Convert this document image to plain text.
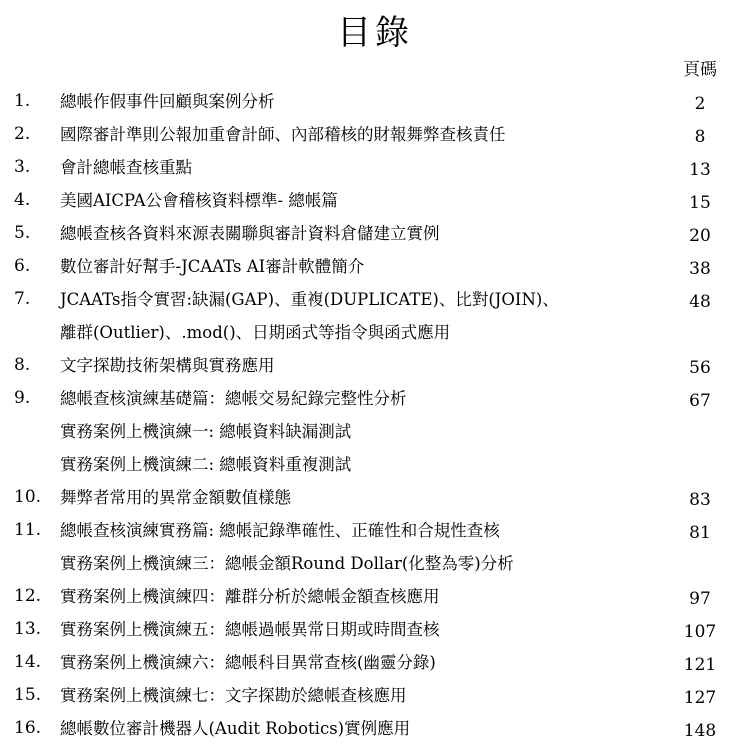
目錄
頁碼
1. 總帳作假事件回顧與案例分析	2
2. 國際審計準則公報加重會計師、內部稽核的財報舞弊查核責任	8
3. 會計總帳查核重點	13
4. 美國AICPA公會稽核資料標準- 總帳篇	15
5. 總帳查核各資料來源表關聯與審計資料倉儲建立實例	20
6. 數位審計好幫手-JCAATs AI審計軟體簡介	38
7. JCAATs指令實習:缺漏(GAP)、重複(DUPLICATE)、比對(JOIN)、	48
離群(Outlier)、.mod()、日期函式等指令與函式應用
8. 文字探勘技術架構與實務應用	56
9. 總帳查核演練基礎篇：總帳交易紀錄完整性分析	67
實務案例上機演練一: 總帳資料缺漏測試
實務案例上機演練二: 總帳資料重複測試
10. 舞弊者常用的異常金額數值樣態	83
11. 總帳查核演練實務篇: 總帳記錄準確性、正確性和合規性查核	81
實務案例上機演練三：總帳金額Round Dollar(化整為零)分析
12. 實務案例上機演練四：離群分析於總帳金額查核應用	97
13. 實務案例上機演練五：總帳過帳異常日期或時間查核	107
14. 實務案例上機演練六：總帳科目異常查核(幽靈分錄)	121
15. 實務案例上機演練七：文字探勘於總帳查核應用	127
16. 總帳數位審計機器人(Audit Robotics)實例應用	148
